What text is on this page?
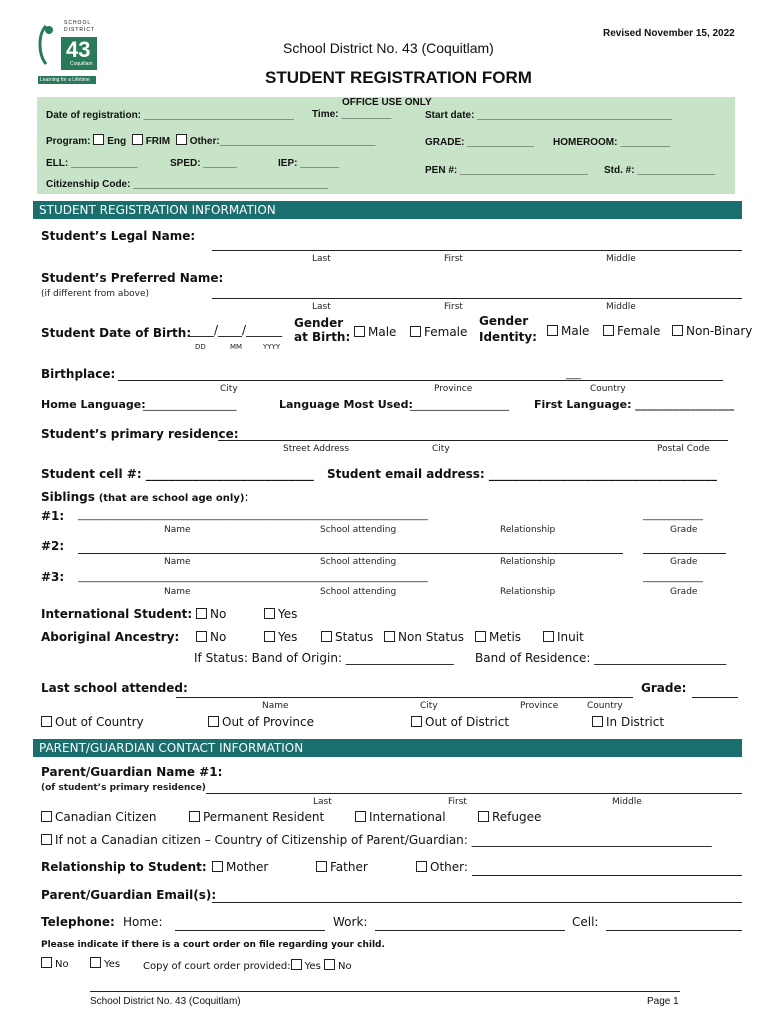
SCHOOL
DISTRICT
43
Coquitlam
Learning for a Lifetime
Revised November 15, 2022
School District No. 43 (Coquitlam)
STUDENT REGISTRATION FORM
OFFICE USE ONLY
Date of registration: ___________________________ Time: _________	Start date: ___________________________________
Program: Eng FRIM Other:____________________________	GRADE: ____________ HOMEROOM: _________
ELL: ____________	SPED: ______	IEP: _______
PEN #: _______________________ Std. #: ______________
Citizenship Code: ___________________________________
STUDENT REGISTRATION INFORMATION
Student’s Legal Name:
Last	First	Middle
Student’s Preferred Name:
(if different from above)
Last	First	Middle
Student Date of Birth:
____/____/______
DD	MM	YYYY
Gender
at Birth:	Male	Female
Gender
Identity:	Male	Female	Non-Binary
Birthplace:	___
City	Province	Country
Home Language:
_________________	Language Most Used:
__________________ First Language: __________________
Student’s primary residence:
Street Address	City	Postal Code
Student cell #: ____________________________ Student email address: ______________________________________
Siblings (that are school age only):
#1: ______________________________________________________________________	____________
Name	School attending	Relationship	Grade
#2:
Name	School attending	Relationship	Grade
#3: ______________________________________________________________________	____________
Name	School attending	Relationship	Grade
International Student:	No	Yes
Aboriginal Ancestry:	No	Yes	Status	Non Status	Metis	Inuit
If Status: Band of Origin: __________________ Band of Residence: ______________________
Last school attended:	Grade:
Name	City	Province	Country
Out of Country	Out of Province	Out of District	In District
PARENT/GUARDIAN CONTACT INFORMATION
Parent/Guardian Name #1:
(of student’s primary residence)
Last	First	Middle
Canadian Citizen	Permanent Resident	International	Refugee
If not a Canadian citizen – Country of Citizenship of Parent/Guardian: ________________________________________
Relationship to Student:	Mother	Father	Other:
Parent/Guardian Email(s):
Telephone: Home:	Work:	Cell:
Please indicate if there is a court order on file regarding your child.
No	Yes Copy of court order provided: Yes No
School District No. 43 (Coquitlam)	Page 1
